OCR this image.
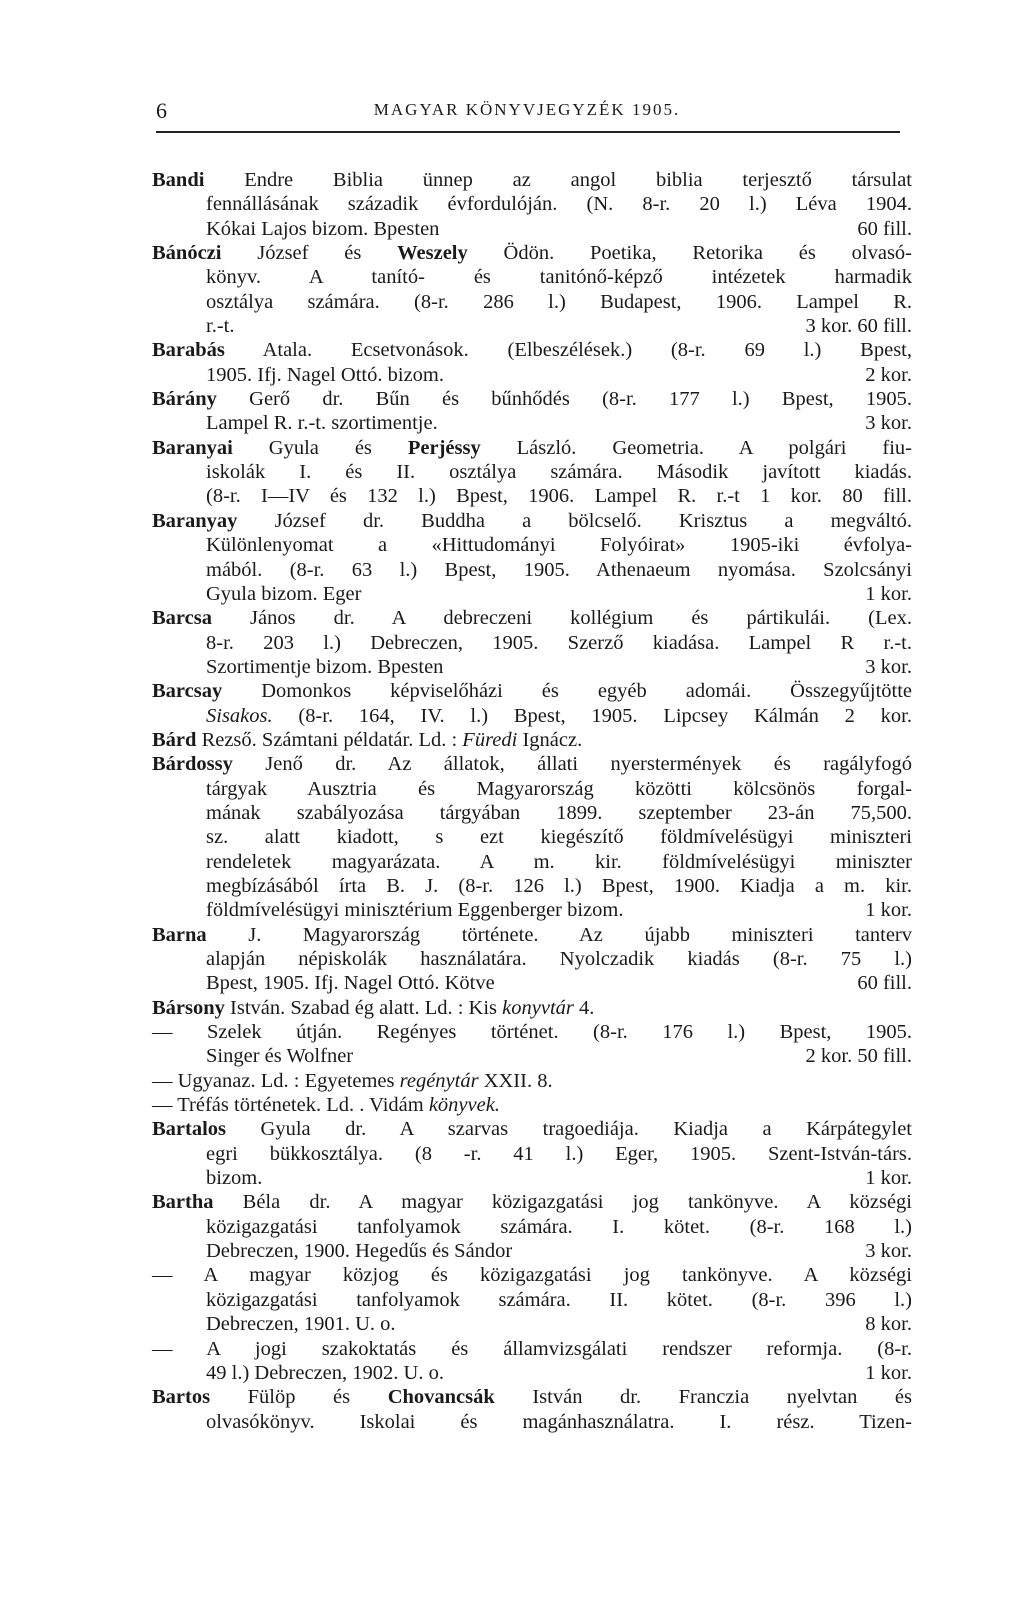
6	MAGYAR KÖNYVJEGYZÉK 1905.
Bandi Endre Biblia ünnep az angol biblia terjesztő társulat
fennállásának századik évfordulóján. (N. 8-r. 20 l.) Léva 1904.
Kókai Lajos bizom. Bpesten	60 fill.
Bánóczi József és Weszely Ödön. Poetika, Retorika és olvasó-
könyv. A tanító- és tanitónő-képző intézetek harmadik
osztálya számára. (8-r. 286 l.) Budapest, 1906. Lampel R.
r.-t.	3 kor. 60 fill.
Barabás Atala. Ecsetvonások. (Elbeszélések.) (8-r. 69 l.) Bpest,
1905. Ifj. Nagel Ottó. bizom.	2 kor.
Bárány Gerő dr. Bűn és bűnhődés (8-r. 177 l.) Bpest, 1905.
Lampel R. r.-t. szortimentje.	3 kor.
Baranyai Gyula és Perjéssy László. Geometria. A polgári fiu-
iskolák I. és II. osztálya számára. Második javított kiadás.
(8-r. I—IV és 132 l.) Bpest, 1906. Lampel R. r.-t 1 kor. 80 fill.
Baranyay József dr. Buddha a bölcselő. Krisztus a megváltó.
Különlenyomat a «Hittudományi Folyóirat» 1905-iki évfolya-
mából. (8-r. 63 l.) Bpest, 1905. Athenaeum nyomása. Szolcsányi
Gyula bizom. Eger	1 kor.
Barcsa János dr. A debreczeni kollégium és pártikulái. (Lex.
8-r. 203 l.) Debreczen, 1905. Szerző kiadása. Lampel R r.-t.
Szortimentje bizom. Bpesten	3 kor.
Barcsay Domonkos képviselőházi és egyéb adomái. Összegyűjtötte
Sisakos. (8-r. 164, IV. l.) Bpest, 1905. Lipcsey Kálmán 2 kor.
Bárd Rezső. Számtani példatár. Ld. : Füredi Ignácz.
Bárdossy Jenő dr. Az állatok, állati nyerstermények és ragályfogó
tárgyak Ausztria és Magyarország közötti kölcsönös forgal-
mának szabályozása tárgyában 1899. szeptember 23-án 75,500.
sz. alatt kiadott, s ezt kiegészítő földmívelésügyi miniszteri
rendeletek magyarázata. A m. kir. földmívelésügyi miniszter
megbízásából írta B. J. (8-r. 126 l.) Bpest, 1900. Kiadja a m. kir.
földmívelésügyi minisztérium Eggenberger bizom.	1 kor.
Barna J. Magyarország története. Az újabb miniszteri tanterv
alapján népiskolák használatára. Nyolczadik kiadás (8-r. 75 l.)
Bpest, 1905. Ifj. Nagel Ottó. Kötve	60 fill.
Bársony István. Szabad ég alatt. Ld. : Kis konyvtár 4.
— Szelek útján. Regényes történet. (8-r. 176 l.) Bpest, 1905.
Singer és Wolfner	2 kor. 50 fill.
— Ugyanaz. Ld. : Egyetemes regénytár XXII. 8.
— Tréfás történetek. Ld. . Vidám könyvek.
Bartalos Gyula dr. A szarvas tragoediája. Kiadja a Kárpátegylet
egri bükkosztálya. (8 -r. 41 l.) Eger, 1905. Szent-István-társ.
bizom.	1 kor.
Bartha Béla dr. A magyar közigazgatási jog tankönyve. A községi
közigazgatási tanfolyamok számára. I. kötet. (8-r. 168 l.)
Debreczen, 1900. Hegedűs és Sándor	3 kor.
— A magyar közjog és közigazgatási jog tankönyve. A községi
közigazgatási tanfolyamok számára. II. kötet. (8-r. 396 l.)
Debreczen, 1901. U. o.	8 kor.
— A jogi szakoktatás és államvizsgálati rendszer reformja. (8-r.
49 l.) Debreczen, 1902. U. o.	1 kor.
Bartos Fülöp és Chovancsák István dr. Franczia nyelvtan és
olvasókönyv. Iskolai és magánhasználatra. I. rész. Tizen-
